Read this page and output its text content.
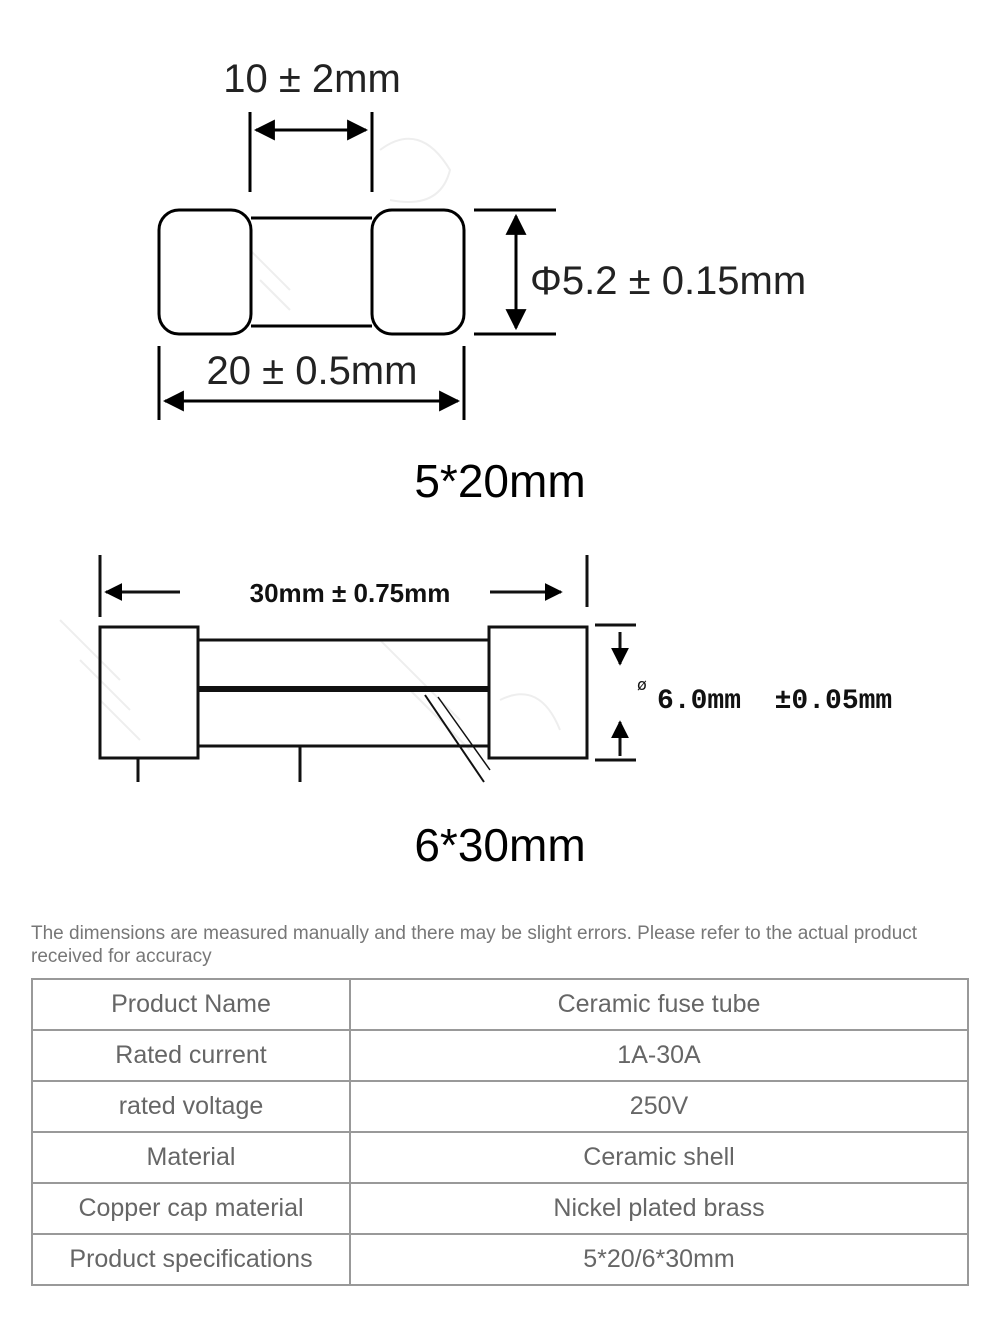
10 ± 2mm
Φ5.2 ± 0.15mm
20 ± 0.5mm
5*20mm
30mm ± 0.75mm
ø
6.0mm  ±0.05mm
6*30mm
The dimensions are measured manually and there may be slight errors. Please refer to the actual product received for accuracy
Product Name	Ceramic fuse tube
Rated current	1A-30A
rated voltage	250V
Material	Ceramic shell
Copper cap material	Nickel plated brass
Product specifications	5*20/6*30mm
